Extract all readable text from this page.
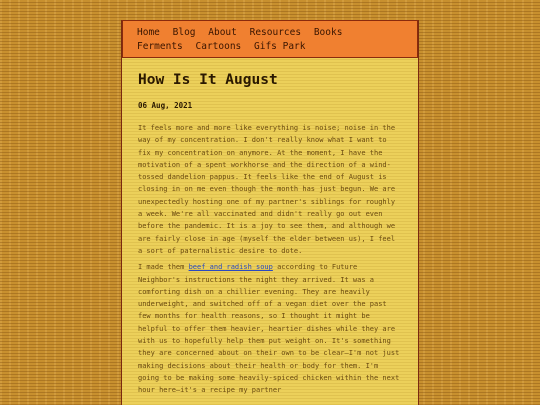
Home Blog About Resources Books
Ferments Cartoons Gifs Park
How Is It August
06 Aug, 2021

It feels more and more like everything is noise; noise in the way of my concentration. I don't really know what I want to fix my concentration on anymore. At the moment, I have the motivation of a spent workhorse and the direction of a wind-tossed dandelion pappus. It feels like the end of August is closing in on me even though the month has just begun. We are unexpectedly hosting one of my partner's siblings for roughly a week. We're all vaccinated and didn't really go out even before the pandemic. It is a joy to see them, and although we are fairly close in age (myself the elder between us), I feel a sort of paternalistic desire to dote.

I made them beef and radish soup according to Future Neighbor's instructions the night they arrived. It was a comforting dish on a chillier evening. They are heavily underweight, and switched off of a vegan diet over the past few months for health reasons, so I thought it might be helpful to offer them heavier, heartier dishes while they are with us to hopefully help them put weight on. It's something they are concerned about on their own to be clear—I'm not just making decisions about their health or body for them. I'm going to be making some heavily-spiced chicken within the next hour here—it's a recipe my partner
